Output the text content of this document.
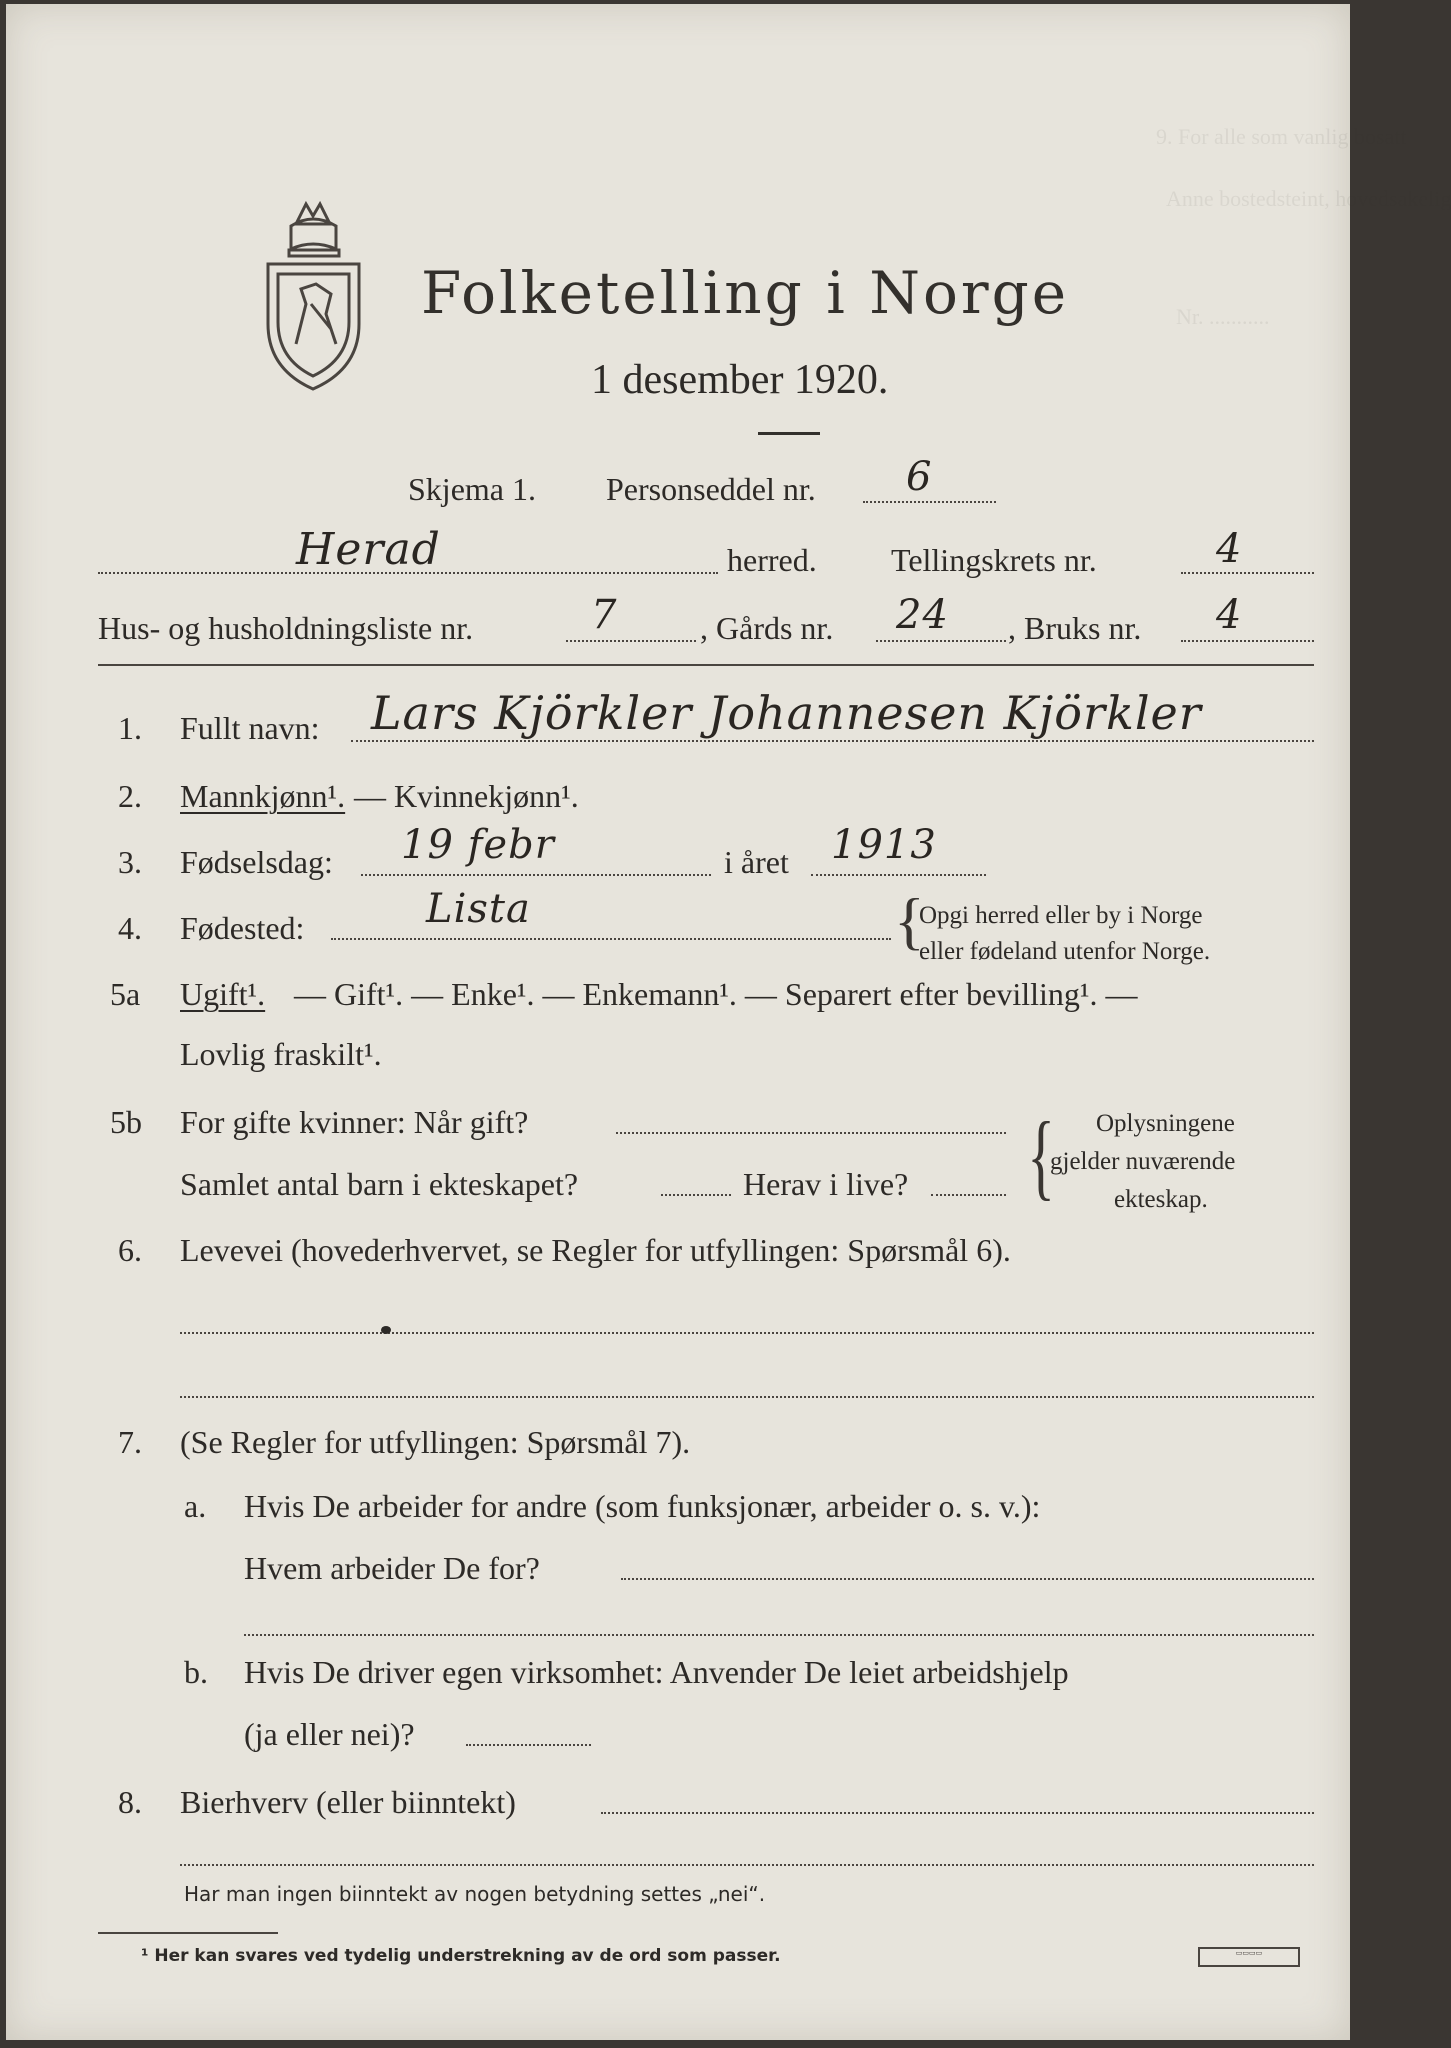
9. For alle som vanlig bosatt
Anne bostedsteint, hovedsakelig
Nr. ...........
Folketelling i Norge
1 desember 1920.
Skjema 1. Personseddel nr. 6
Herad	herred. Tellingskrets nr.	4
Hus- og husholdningsliste nr.	7	, Gårds nr. 24 , Bruks nr. 4
1. Fullt navn: Lars Kjörkler Johannesen Kjörkler
2. Mannkjønn¹. — Kvinnekjønn¹.
3. Fødselsdag: 19 febr	i året 1913
4. Fødested:	Lista	{
Opgi herred eller by i Norge
eller fødeland utenfor Norge.
5a Ugift¹. — Gift¹. — Enke¹. — Enkemann¹. — Separert efter bevilling¹. —
Lovlig fraskilt¹.
5b For gifte kvinner: Når gift?
Samlet antal barn i ekteskapet?	Herav i live? { Oplysningene
gjelder nuværende
ekteskap.
6. Levevei (hovederhvervet, se Regler for utfyllingen: Spørsmål 6).
7. (Se Regler for utfyllingen: Spørsmål 7).
a. Hvis De arbeider for andre (som funksjonær, arbeider o. s. v.):
Hvem arbeider De for?
b. Hvis De driver egen virksomhet: Anvender De leiet arbeidshjelp
(ja eller nei)?
8. Bierhverv (eller biinntekt)
Har man ingen biinntekt av nogen betydning settes „nei“.
¹ Her kan svares ved tydelig understrekning av de ord som passer.	▭▭▭▭
